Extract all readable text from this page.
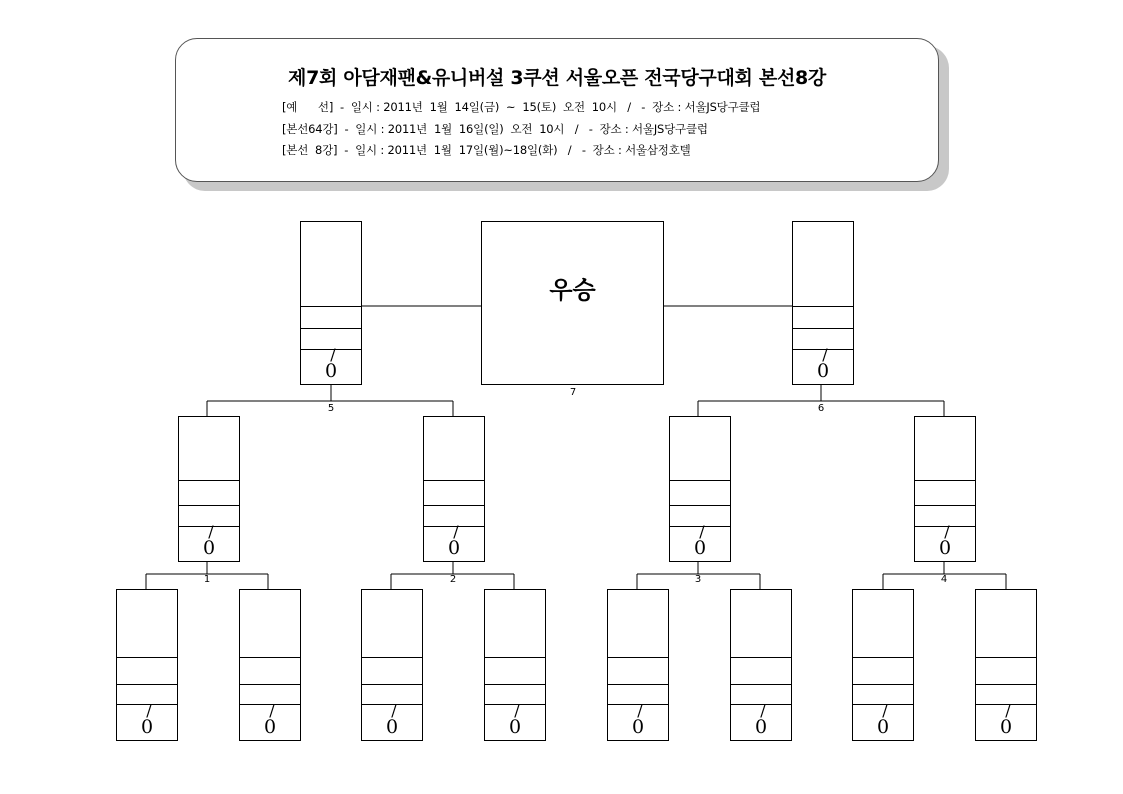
제7회 아담재팬&유니버설 3쿠션 서울오픈 전국당구대회 본선8강
[예      선]  -  일시 : 2011년  1월  14일(금)  ~  15(토)  오전  10시   /   -  장소 : 서울JS당구클럽
[본선64강]  -  일시 : 2011년  1월  16일(일)  오전  10시   /   -  장소 : 서울JS당구클럽
[본선  8강]  -  일시 : 2011년  1월  17일(월)~18일(화)   /   -  장소 : 서울삼정호텔
우승
/
0
/
0
/
0
/
0
/
0
/
0
/
0
/
0
/
0
/
0
/
0
/
0
/
0
/
0
1	2	3	4
5	6
7
